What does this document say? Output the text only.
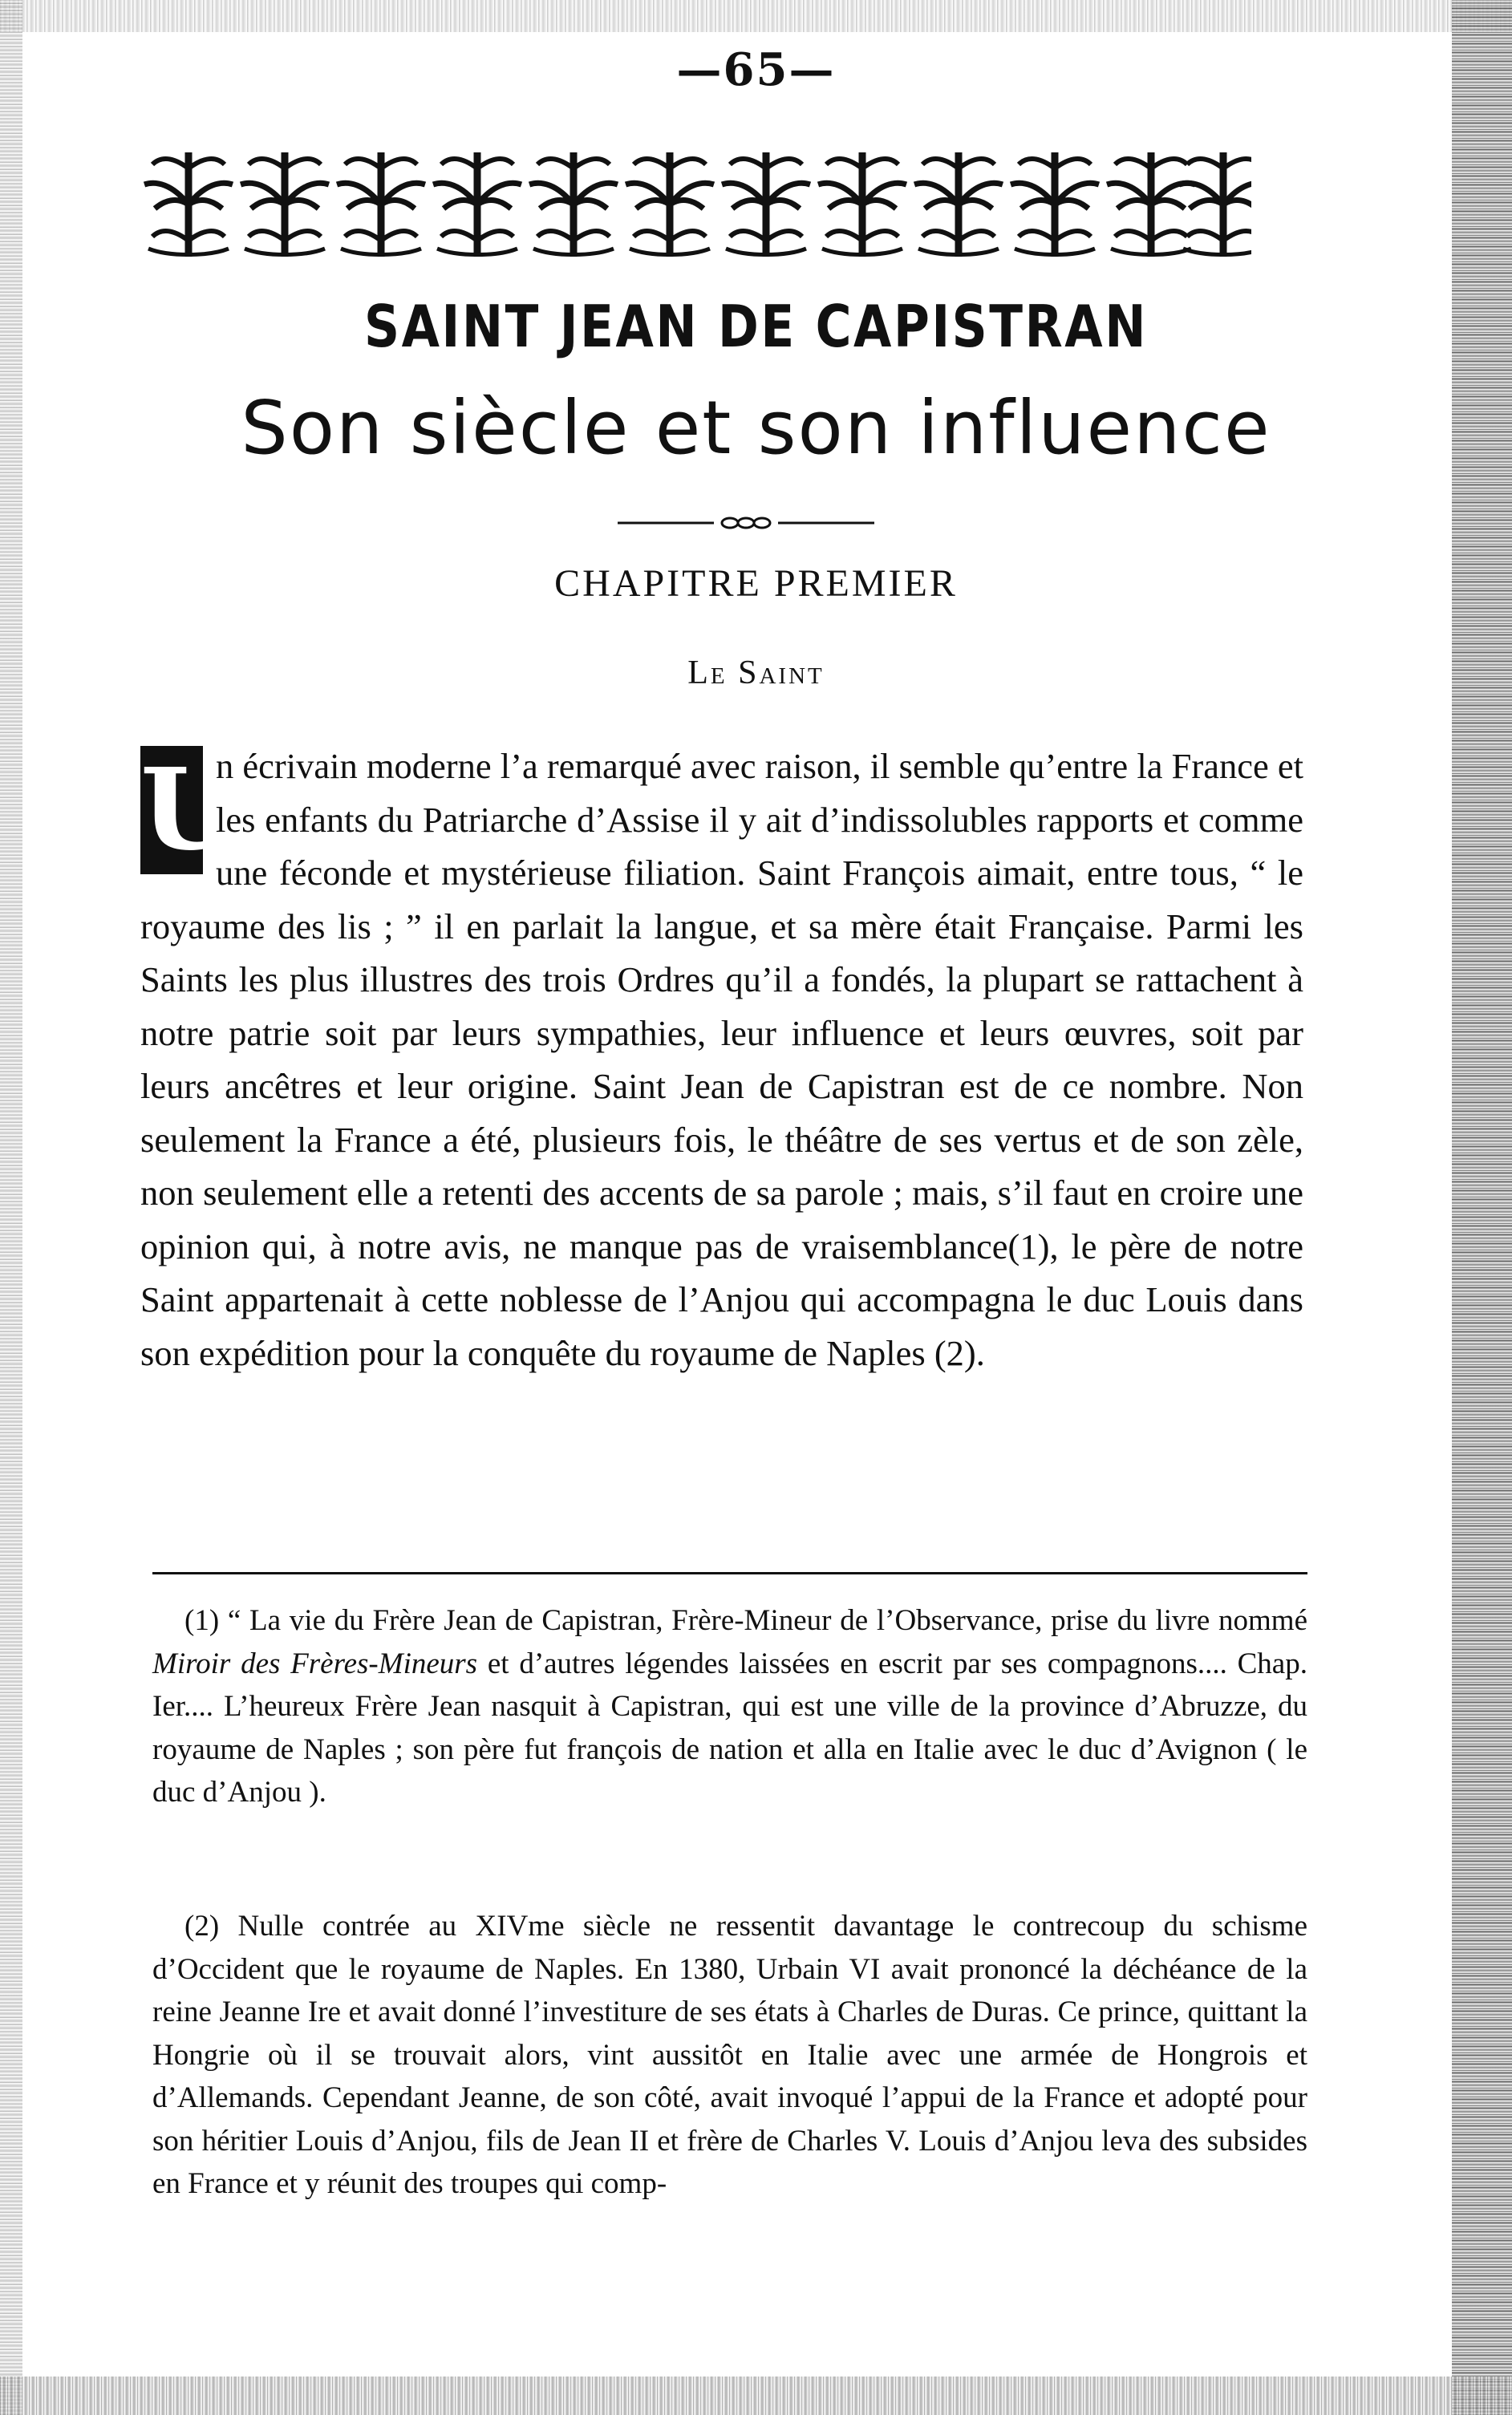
—65—
SAINT JEAN DE CAPISTRAN
Son siècle et son influence
CHAPITRE PREMIER
Le Saint
U
n écrivain moderne l’a remarqué avec raison, il semble qu’entre la France et les enfants du Patriarche d’Assise il y ait d’indissolubles rapports et comme une féconde et mystérieuse filiation. Saint François aimait, entre tous, “ le royaume des lis ; ” il en parlait la langue, et sa mère était Française. Parmi les Saints les plus illustres des trois Ordres qu’il a fondés, la plupart se rattachent à notre patrie soit par leurs sympathies, leur influence et leurs œuvres, soit par leurs ancêtres et leur origine. Saint Jean de Capistran est de ce nombre. Non seulement la France a été, plusieurs fois, le théâtre de ses vertus et de son zèle, non seulement elle a retenti des accents de sa parole ; mais, s’il faut en croire une opinion qui, à notre avis, ne manque pas de vraisemblance(1), le père de notre Saint appartenait à cette noblesse de l’Anjou qui accompagna le duc Louis dans son expédition pour la conquête du royaume de Naples (2).
(1) “ La vie du Frère Jean de Capistran, Frère-Mineur de l’Observance, prise du livre nommé Miroir des Frères-Mineurs et d’autres légendes laissées en escrit par ses compagnons.... Chap. Ier.... L’heureux Frère Jean nasquit à Capistran, qui est une ville de la province d’Abruzze, du royaume de Naples ; son père fut françois de nation et alla en Italie avec le duc d’Avignon ( le duc d’Anjou ).
(2) Nulle contrée au XIVme siècle ne ressentit davantage le contrecoup du schisme d’Occident que le royaume de Naples. En 1380, Urbain VI avait prononcé la déchéance de la reine Jeanne Ire et avait donné l’investiture de ses états à Charles de Duras. Ce prince, quittant la Hongrie où il se trouvait alors, vint aussitôt en Italie avec une armée de Hongrois et d’Allemands. Cependant Jeanne, de son côté, avait invoqué l’appui de la France et adopté pour son héritier Louis d’Anjou, fils de Jean II et frère de Charles V. Louis d’Anjou leva des subsides en France et y réunit des troupes qui comp-
